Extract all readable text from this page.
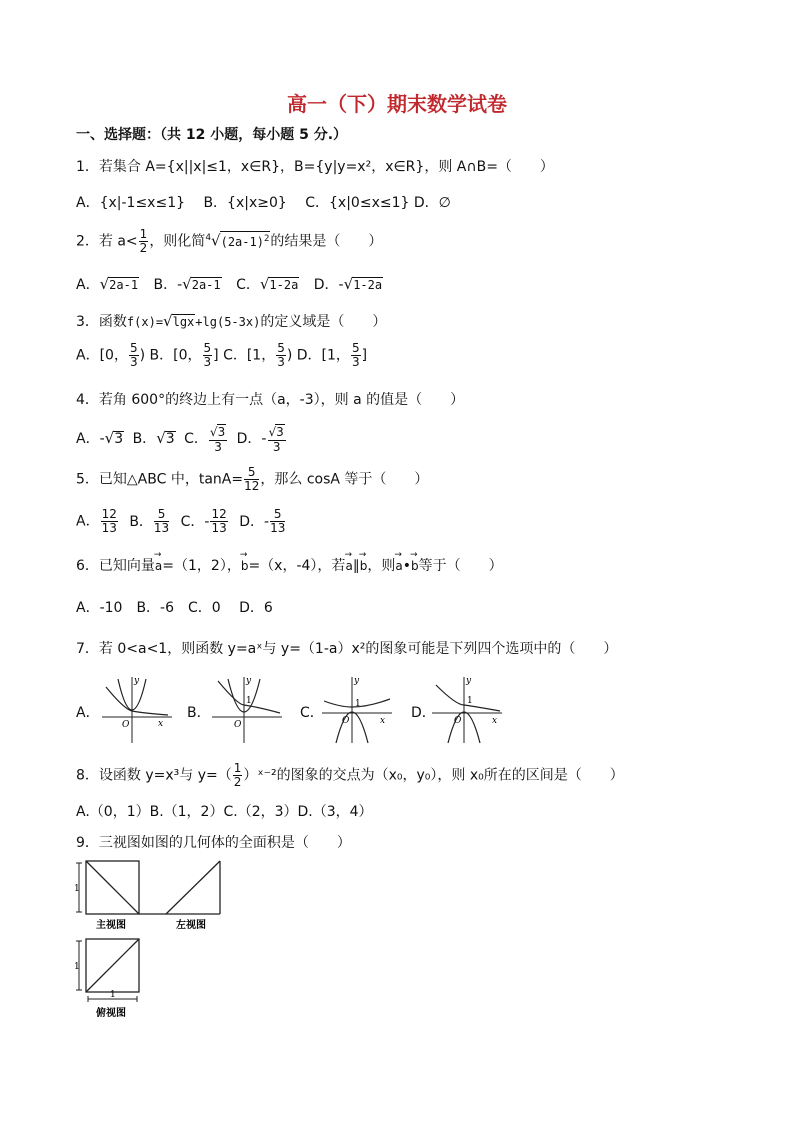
高一（下）期末数学试卷
一、选择题：（共 12 小题，每小题 5 分.）
1．若集合 A={x||x|≤1，x∈R}，B={y|y=x²，x∈R}，则 A∩B=（　　）
A．{x|-1≤x≤1}　 B．{x|x≥0}　 C．{x|0≤x≤1} D．∅
2．若 $a< \frac{1}{2}$ ，则化简$^4√(2a-1)^2$的结果是（　　）
A．√2a-1 B．-√2a-1 C．√1-2a D．-√1-2a
3．函数f(x)=√lgx+lg(5-3x)的定义域是（　　）
A．[0， $\frac{5}{3}$ ) B．[0， $\frac{5}{3}$ ] C．[1， $\frac{5}{3}$ ) D．[1， $\frac{5}{3}$ ]
4．若角 600°的终边上有一点（a，-3），则 a 的值是（　　）
A．-√3 B．√3 C． $\frac{√3}{3}$ D．- $\frac{√3}{3}$
5．已知△ABC 中，$\tan A= \frac{5}{12}$ ，那么 cosA 等于（　　）
A． $\frac{12}{13}$ B． $\frac{5}{13}$ C．- $\frac{12}{13}$ D．- $\frac{5}{13}$
6．已知向量→ a=（1，2），→ b=（x，-4），若→ a∥→ b，则→ a•→ b等于（　　）
A．-10　B．-6　C．0　 D．6
7．若 0<a<1，则函数 y=aˣ与 y=（1-a）x²的图象可能是下列四个选项中的（　　）
A．	B．	C．	D．
y
x
O
y
1
O
y
1
x
O
y
1
x
O
8．设函数 y=x³与 $y=( \frac{1}{2}$ ）ˣ⁻²的图象的交点为（x₀，y₀），则 x₀所在的区间是（　　）
A.（0，1）B.（1，2）C.（2，3）D.（3，4）
9．三视图如图的几何体的全面积是（　　）
1
主视图	左视图
1
1
俯视图
